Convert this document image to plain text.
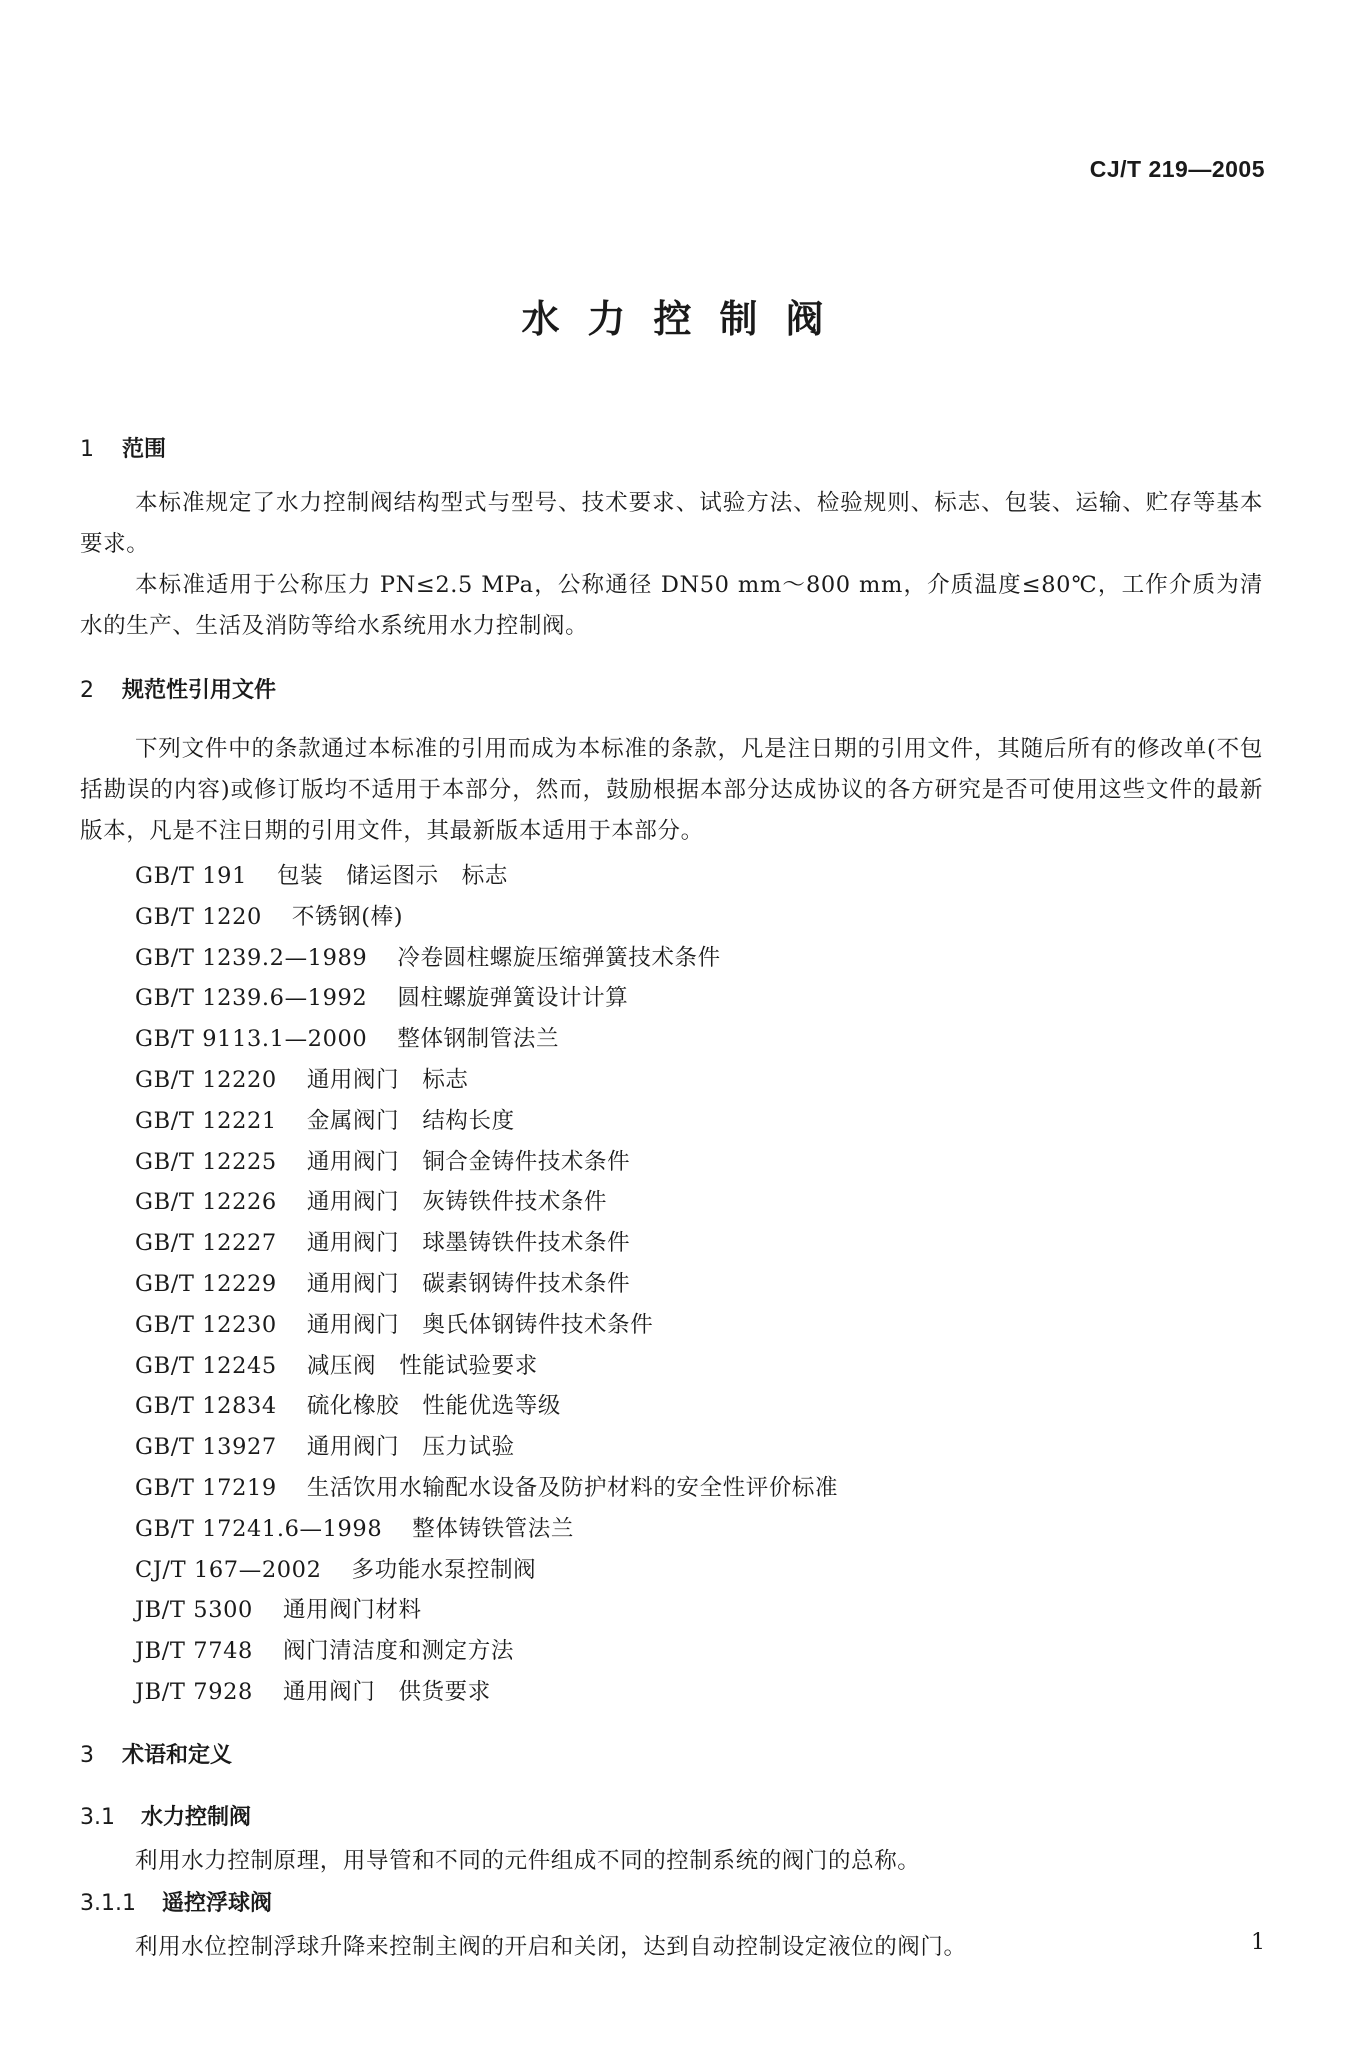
CJ/T 219—2005
水力控制阀
1 范围
本标准规定了水力控制阀结构型式与型号、技术要求、试验方法、检验规则、标志、包装、运输、贮存等基本要求。
本标准适用于公称压力 PN≤2.5 MPa，公称通径 DN50 mm～800 mm，介质温度≤80℃，工作介质为清水的生产、生活及消防等给水系统用水力控制阀。
2 规范性引用文件
下列文件中的条款通过本标准的引用而成为本标准的条款，凡是注日期的引用文件，其随后所有的修改单(不包括勘误的内容)或修订版均不适用于本部分，然而，鼓励根据本部分达成协议的各方研究是否可使用这些文件的最新版本，凡是不注日期的引用文件，其最新版本适用于本部分。
GB/T 191 包装　储运图示　标志
GB/T 1220 不锈钢(棒)
GB/T 1239.2—1989 冷卷圆柱螺旋压缩弹簧技术条件
GB/T 1239.6—1992 圆柱螺旋弹簧设计计算
GB/T 9113.1—2000 整体钢制管法兰
GB/T 12220 通用阀门　标志
GB/T 12221 金属阀门　结构长度
GB/T 12225 通用阀门　铜合金铸件技术条件
GB/T 12226 通用阀门　灰铸铁件技术条件
GB/T 12227 通用阀门　球墨铸铁件技术条件
GB/T 12229 通用阀门　碳素钢铸件技术条件
GB/T 12230 通用阀门　奥氏体钢铸件技术条件
GB/T 12245 减压阀　性能试验要求
GB/T 12834 硫化橡胶　性能优选等级
GB/T 13927 通用阀门　压力试验
GB/T 17219 生活饮用水输配水设备及防护材料的安全性评价标准
GB/T 17241.6—1998 整体铸铁管法兰
CJ/T 167—2002 多功能水泵控制阀
JB/T 5300 通用阀门材料
JB/T 7748 阀门清洁度和测定方法
JB/T 7928 通用阀门　供货要求
3 术语和定义
3.1 水力控制阀
利用水力控制原理，用导管和不同的元件组成不同的控制系统的阀门的总称。
3.1.1 遥控浮球阀
利用水位控制浮球升降来控制主阀的开启和关闭，达到自动控制设定液位的阀门。	1
